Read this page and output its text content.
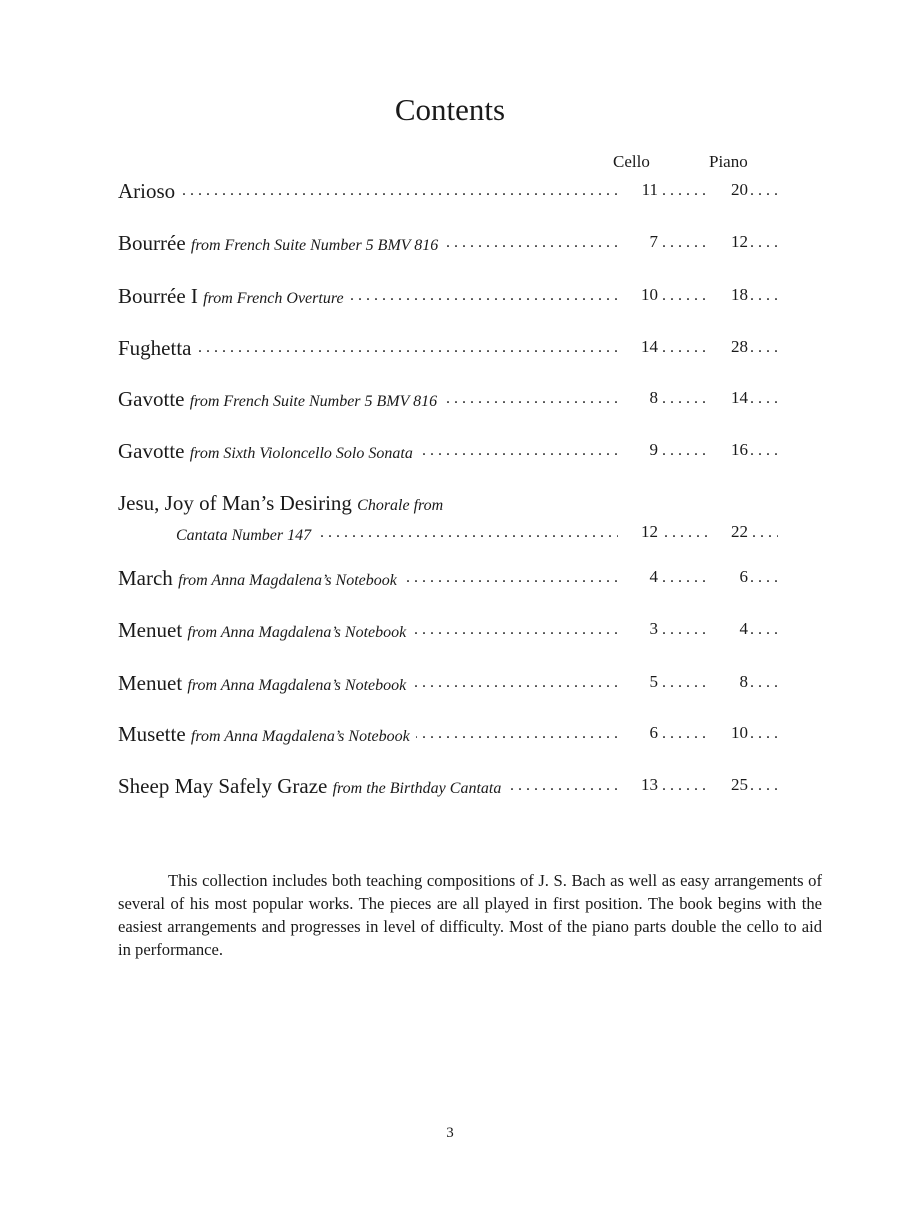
Contents
Cello	Piano
. . .
Arioso	11	20
. . .
Bourrée from French Suite Number 5 BMV 816	7	12
. . .
Bourrée I from French Overture	10	18
. . .
Fughetta	14	28
. . .
Gavotte from French Suite Number 5 BMV 816	8	14
. . .
Gavotte from Sixth Violoncello Solo Sonata	9	16
Jesu, Joy of Man’s Desiring Chorale from
. . .
Cantata Number 147	12	22
. . .
March from Anna Magdalena’s Notebook	4	6
. . .
Menuet from Anna Magdalena’s Notebook	3	4
. . .
Menuet from Anna Magdalena’s Notebook	5	8
. . .
Musette from Anna Magdalena’s Notebook	6	10
. . .
Sheep May Safely Graze from the Birthday Cantata	13	25
This collection includes both teaching compositions of J. S. Bach as well as easy arrangements of several of his most popular works. The pieces are all played in first position. The book begins with the easiest arrangements and progresses in level of difficulty. Most of the piano parts double the cello to aid in performance.
3
